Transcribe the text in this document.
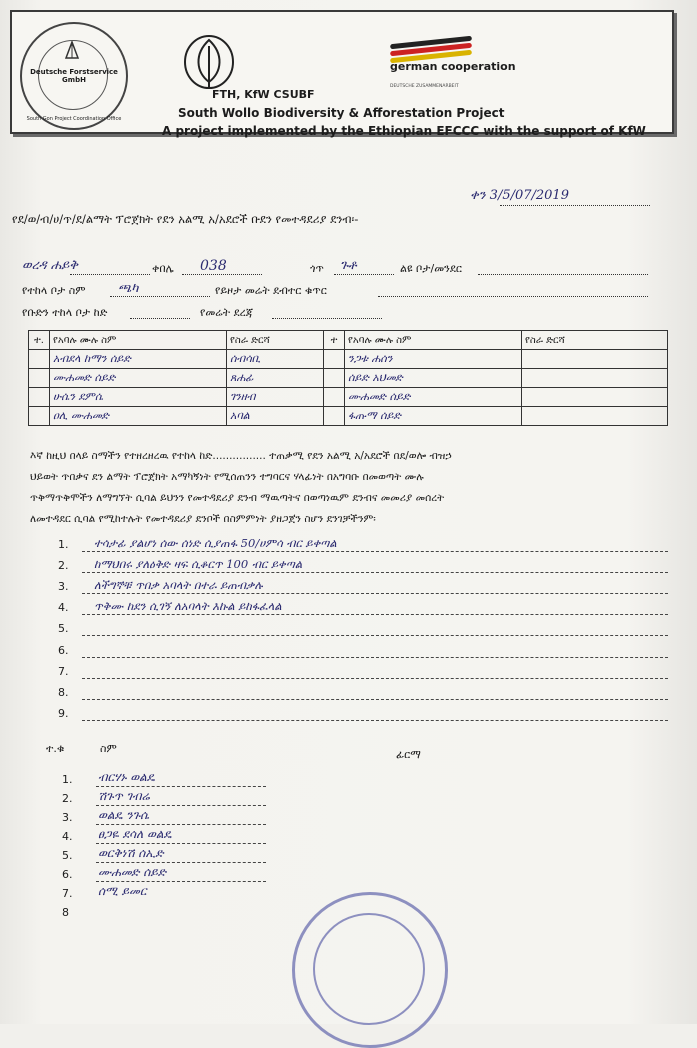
Deutsche Forstservice GmbH
South Gon Project Coordination Office
german cooperation
DEUTSCHE ZUSAMMENARBEIT
FTH, KfW CSUBF
South Wollo Biodiversity & Afforestation Project
A project implemented by the Ethiopian EFCCC with the support of KfW
ቀን 3/5/07/2019
የደ/ወ/ብ/ሀ/ጥ/ደ/ልማት ፕሮጀክት የደን አልሚ አ/አደሮች ቡደን የመተዳደሪያ ደንብ፡-
ወረዳ ሐይቅ	ቀበሌ 038	ጎጥ ጉቶ	ልዩ ቦታ/መንደር
የተከላ ቦታ ስም ጫካ	የይዞታ መሬት ደብተር ቁጥር
የቡድን ተከላ ቦታ ከድ	የመሬት ደረጃ
ተ.	የአባሉ ሙሉ ስም	የስራ ድርሻ	ተ	የአባሉ ሙሉ ስም	የስራ ድርሻ
	አብደላ ከማን ሰይድ	ሰብሳቢ		ንጋቱ ሐሰን	
	ሙሐመድ ሰይድ	ጸሐፊ		ሰይድ አህመድ	
	ሁሴን ደምሴ	ገንዘብ		ሙሐመድ ሰይድ	
	ዐሊ ሙሐመድ	አባል		ፋጡማ ሰይድ	

እኛ ከዚህ በላይ ስማችን የተዘረዘረዉ የተከላ ከድ................ ተጠቃሚ የደን አልሚ አ/አደሮች በደ/ወሎ ብዝኃ

ህይወት ጥበቃና ደን ልማት ፕሮጀክት አማካኝነት የሚሰጠንን ተግባርና ሃላፊነት በአግባቡ በመወጣት ሙሉ

ጥቅማጥቅሞችን ለማግኘት ሲባል ይህንን የመተዳደሪያ ደንብ ማዉጣትና በወጣነዉም ደንብና መመሪያ መሰረት

ለመተዳደር ሲባል የሚከተሉት የመተዳደሪያ ደንቦች በስምምነት ያዘጋጀን ስሆን ደንገቻችንም፡

1. ተሳታፊ ያልሆነ ሰው ሰነድ ሲያጠፋ 50/ሀምሳ ብር ይቀጣል
2. ከማህበሩ ያለዕቅድ ዛፍ ሲቆርጥ 100 ብር ይቀጣል
3. ለችግኞቹ ጥበቃ አባላት በተራ ይጠብቃሉ
4. ጥቅሙ ከደን ሲገኝ ለአባላት እኩል ይከፋፈላል
5.
6.
7.
8.
9.
ተ.ቁ	ስም	ፊርማ
1. ብርሃኑ ወልዴ
2. ሽጉጥ ገብሬ
3. ወልዴ ንጉሴ
4. ፀጋዬ ደሳለ ወልዴ
5. ወርቅነሽ ሰኢድ
6. ሙሐመድ ሰይድ
7. ሰሚ ይመር
8
